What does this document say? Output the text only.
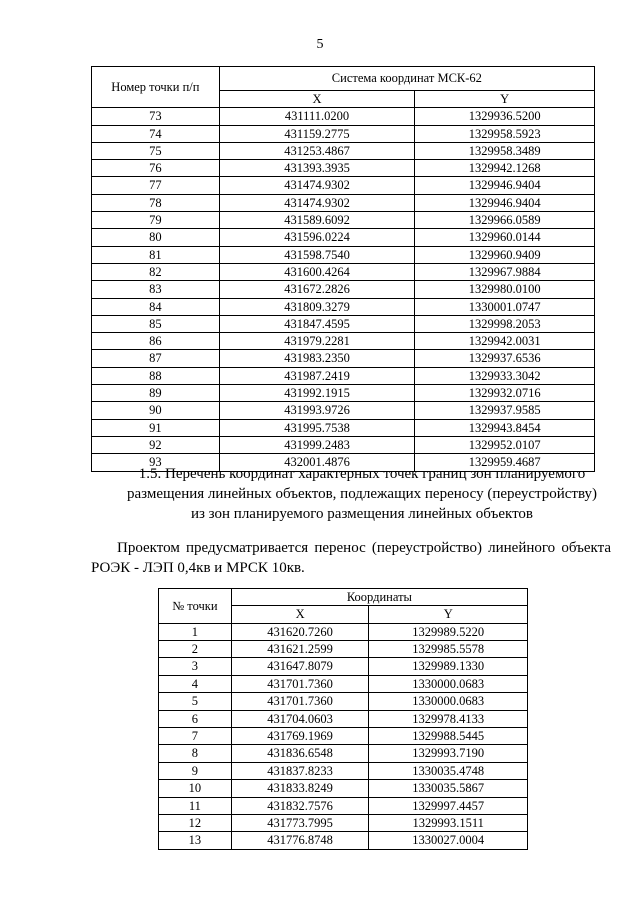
5
Номер точки п/п	Система координат МСК-62	
	X	Y
73	431111.0200	1329936.5200
74	431159.2775	1329958.5923
75	431253.4867	1329958.3489
76	431393.3935	1329942.1268
77	431474.9302	1329946.9404
78	431474.9302	1329946.9404
79	431589.6092	1329966.0589
80	431596.0224	1329960.0144
81	431598.7540	1329960.9409
82	431600.4264	1329967.9884
83	431672.2826	1329980.0100
84	431809.3279	1330001.0747
85	431847.4595	1329998.2053
86	431979.2281	1329942.0031
87	431983.2350	1329937.6536
88	431987.2419	1329933.3042
89	431992.1915	1329932.0716
90	431993.9726	1329937.9585
91	431995.7538	1329943.8454
92	431999.2483	1329952.0107
93	432001.4876	1329959.4687
1.5. Перечень координат характерных точек границ зон планируемого
размещения линейных объектов, подлежащих переносу (переустройству)
из зон планируемого размещения линейных объектов
Проектом предусматривается перенос (переустройство) линейного объекта РОЭК - ЛЭП 0,4кв и МРСК 10кв.
№ точки	Координаты	
	X	Y
1	431620.7260	1329989.5220
2	431621.2599	1329985.5578
3	431647.8079	1329989.1330
4	431701.7360	1330000.0683
5	431701.7360	1330000.0683
6	431704.0603	1329978.4133
7	431769.1969	1329988.5445
8	431836.6548	1329993.7190
9	431837.8233	1330035.4748
10	431833.8249	1330035.5867
11	431832.7576	1329997.4457
12	431773.7995	1329993.1511
13	431776.8748	1330027.0004
